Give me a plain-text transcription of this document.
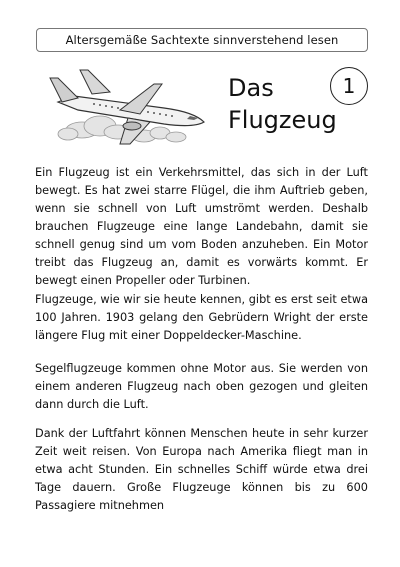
Altersgemäße Sachtexte sinnverstehend lesen
Das
Flugzeug
1

Ein Flugzeug ist ein Verkehrsmittel, das sich in der Luft bewegt. Es hat zwei starre Flügel, die ihm Auftrieb geben, wenn sie schnell von Luft umströmt werden. Deshalb brauchen Flugzeuge eine lange Landebahn, damit sie schnell genug sind um vom Boden anzuheben. Ein Motor treibt das Flugzeug an, damit es vorwärts kommt. Er bewegt einen Propeller oder Turbinen.

Flugzeuge, wie wir sie heute kennen, gibt es erst seit etwa 100 Jahren. 1903 gelang den Gebrüdern Wright der erste längere Flug mit einer Doppeldecker-Maschine.

Segelflugzeuge kommen ohne Motor aus. Sie werden von einem anderen Flugzeug nach oben gezogen und gleiten dann durch die Luft.

Dank der Luftfahrt können Menschen heute in sehr kurzer Zeit weit reisen. Von Europa nach Amerika fliegt man in etwa acht Stunden. Ein schnelles Schiff würde etwa drei Tage dauern. Große Flugzeuge können bis zu 600 Passagiere mitnehmen
